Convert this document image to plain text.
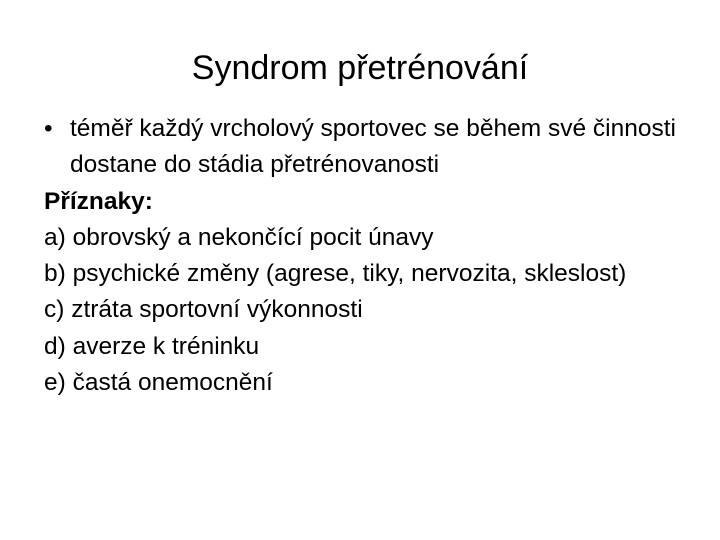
Syndrom přetrénování
• téměř každý vrcholový sportovec se během své činnosti dostane do stádia přetrénovanosti
Příznaky:
a) obrovský a nekončící pocit únavy
b) psychické změny (agrese, tiky, nervozita, skleslost)
c) ztráta sportovní výkonnosti
d) averze k tréninku
e) častá onemocnění
